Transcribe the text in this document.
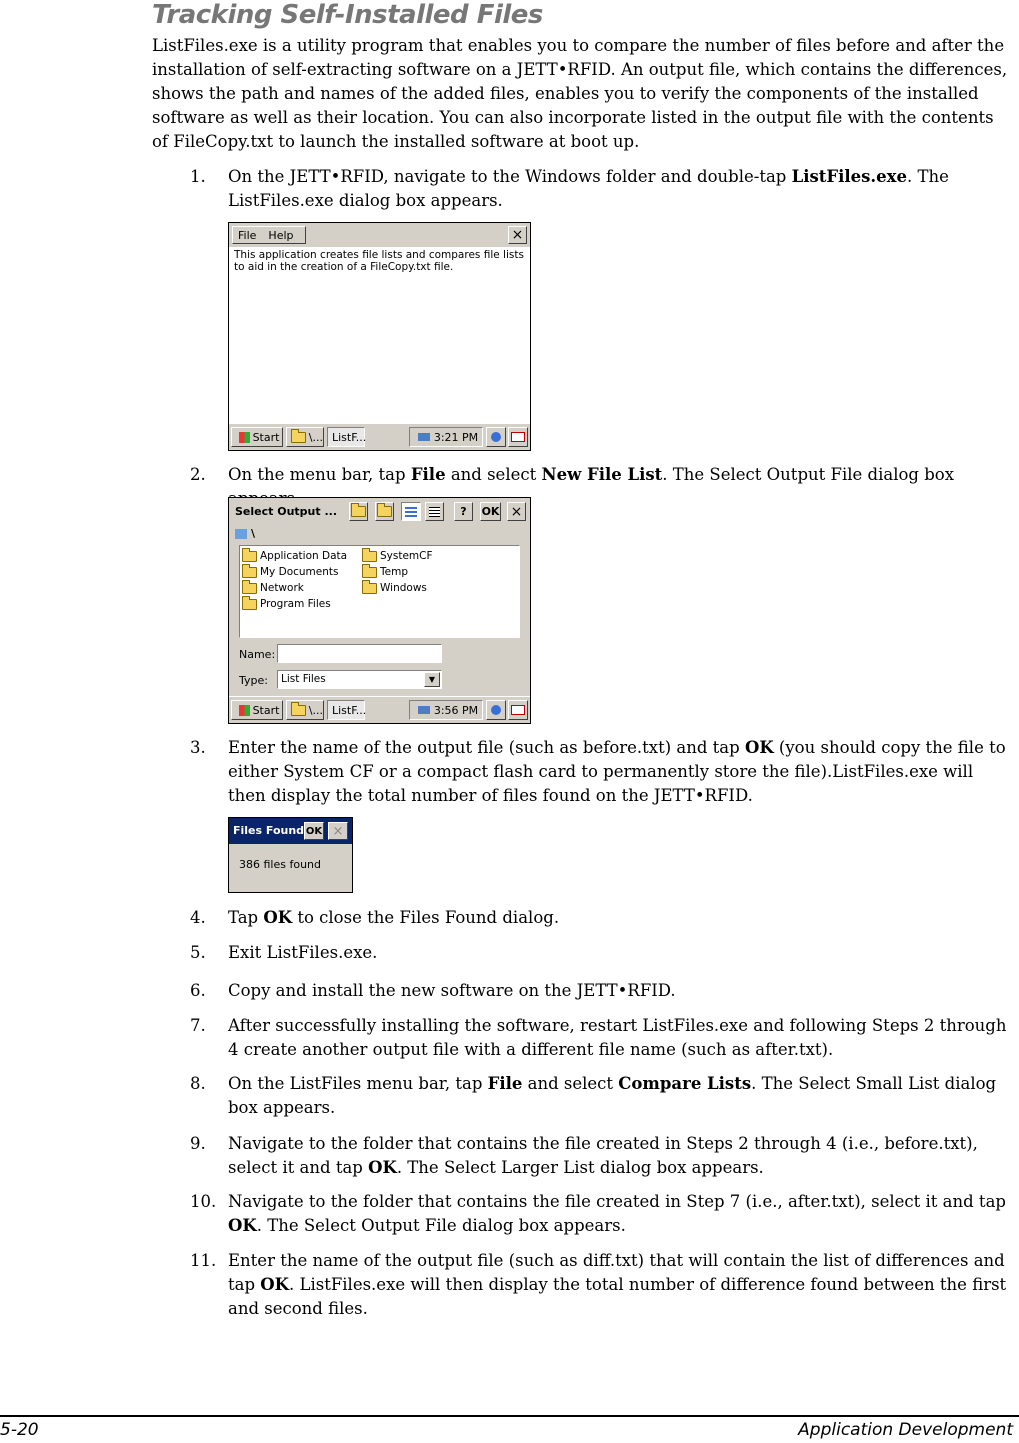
Tracking Self-Installed Files
ListFiles.exe is a utility program that enables you to compare the number of files before and after the installation of self-extracting software on a JETT•RFID. An output file, which contains the differences, shows the path and names of the added files, enables you to verify the components of the installed software as well as their location. You can also incorporate listed in the output file with the contents of FileCopy.txt to launch the installed software at boot up.
1. On the JETT•RFID, navigate to the Windows folder and double-tap ListFiles.exe. The ListFiles.exe dialog box appears.
File Help	×
This application creates file lists and compares file lists to aid in the creation of a FileCopy.txt file.
Start	\... ListF...	3:21 PM
2. On the menu bar, tap File and select New File List. The Select Output File dialog box
Select Output ...	?	OK ×
\
Application Data
My Documents
Network
Program Files
SystemCF
Temp
Windows
Name:
Type:	List Files	▼
Start	\... ListF...	3:56 PM
3. Enter the name of the output file (such as before.txt) and tap OK (you should copy the file to either System CF or a compact flash card to permanently store the file).ListFiles.exe will then display the total number of files found on the JETT•RFID.
Files Found OK ×
386 files found
4. Tap OK to close the Files Found dialog.
5. Exit ListFiles.exe.
6. Copy and install the new software on the JETT•RFID.
7. After successfully installing the software, restart ListFiles.exe and following Steps 2 through 4 create another output file with a different file name (such as after.txt).
8. On the ListFiles menu bar, tap File and select Compare Lists. The Select Small List dialog box appears.
9. Navigate to the folder that contains the file created in Steps 2 through 4 (i.e., before.txt), select it and tap OK. The Select Larger List dialog box appears.
10. Navigate to the folder that contains the file created in Step 7 (i.e., after.txt), select it and tap OK. The Select Output File dialog box appears.
11. Enter the name of the output file (such as diff.txt) that will contain the list of differences and tap OK. ListFiles.exe will then display the total number of difference found between the first and second files.
5-20	Application Development
